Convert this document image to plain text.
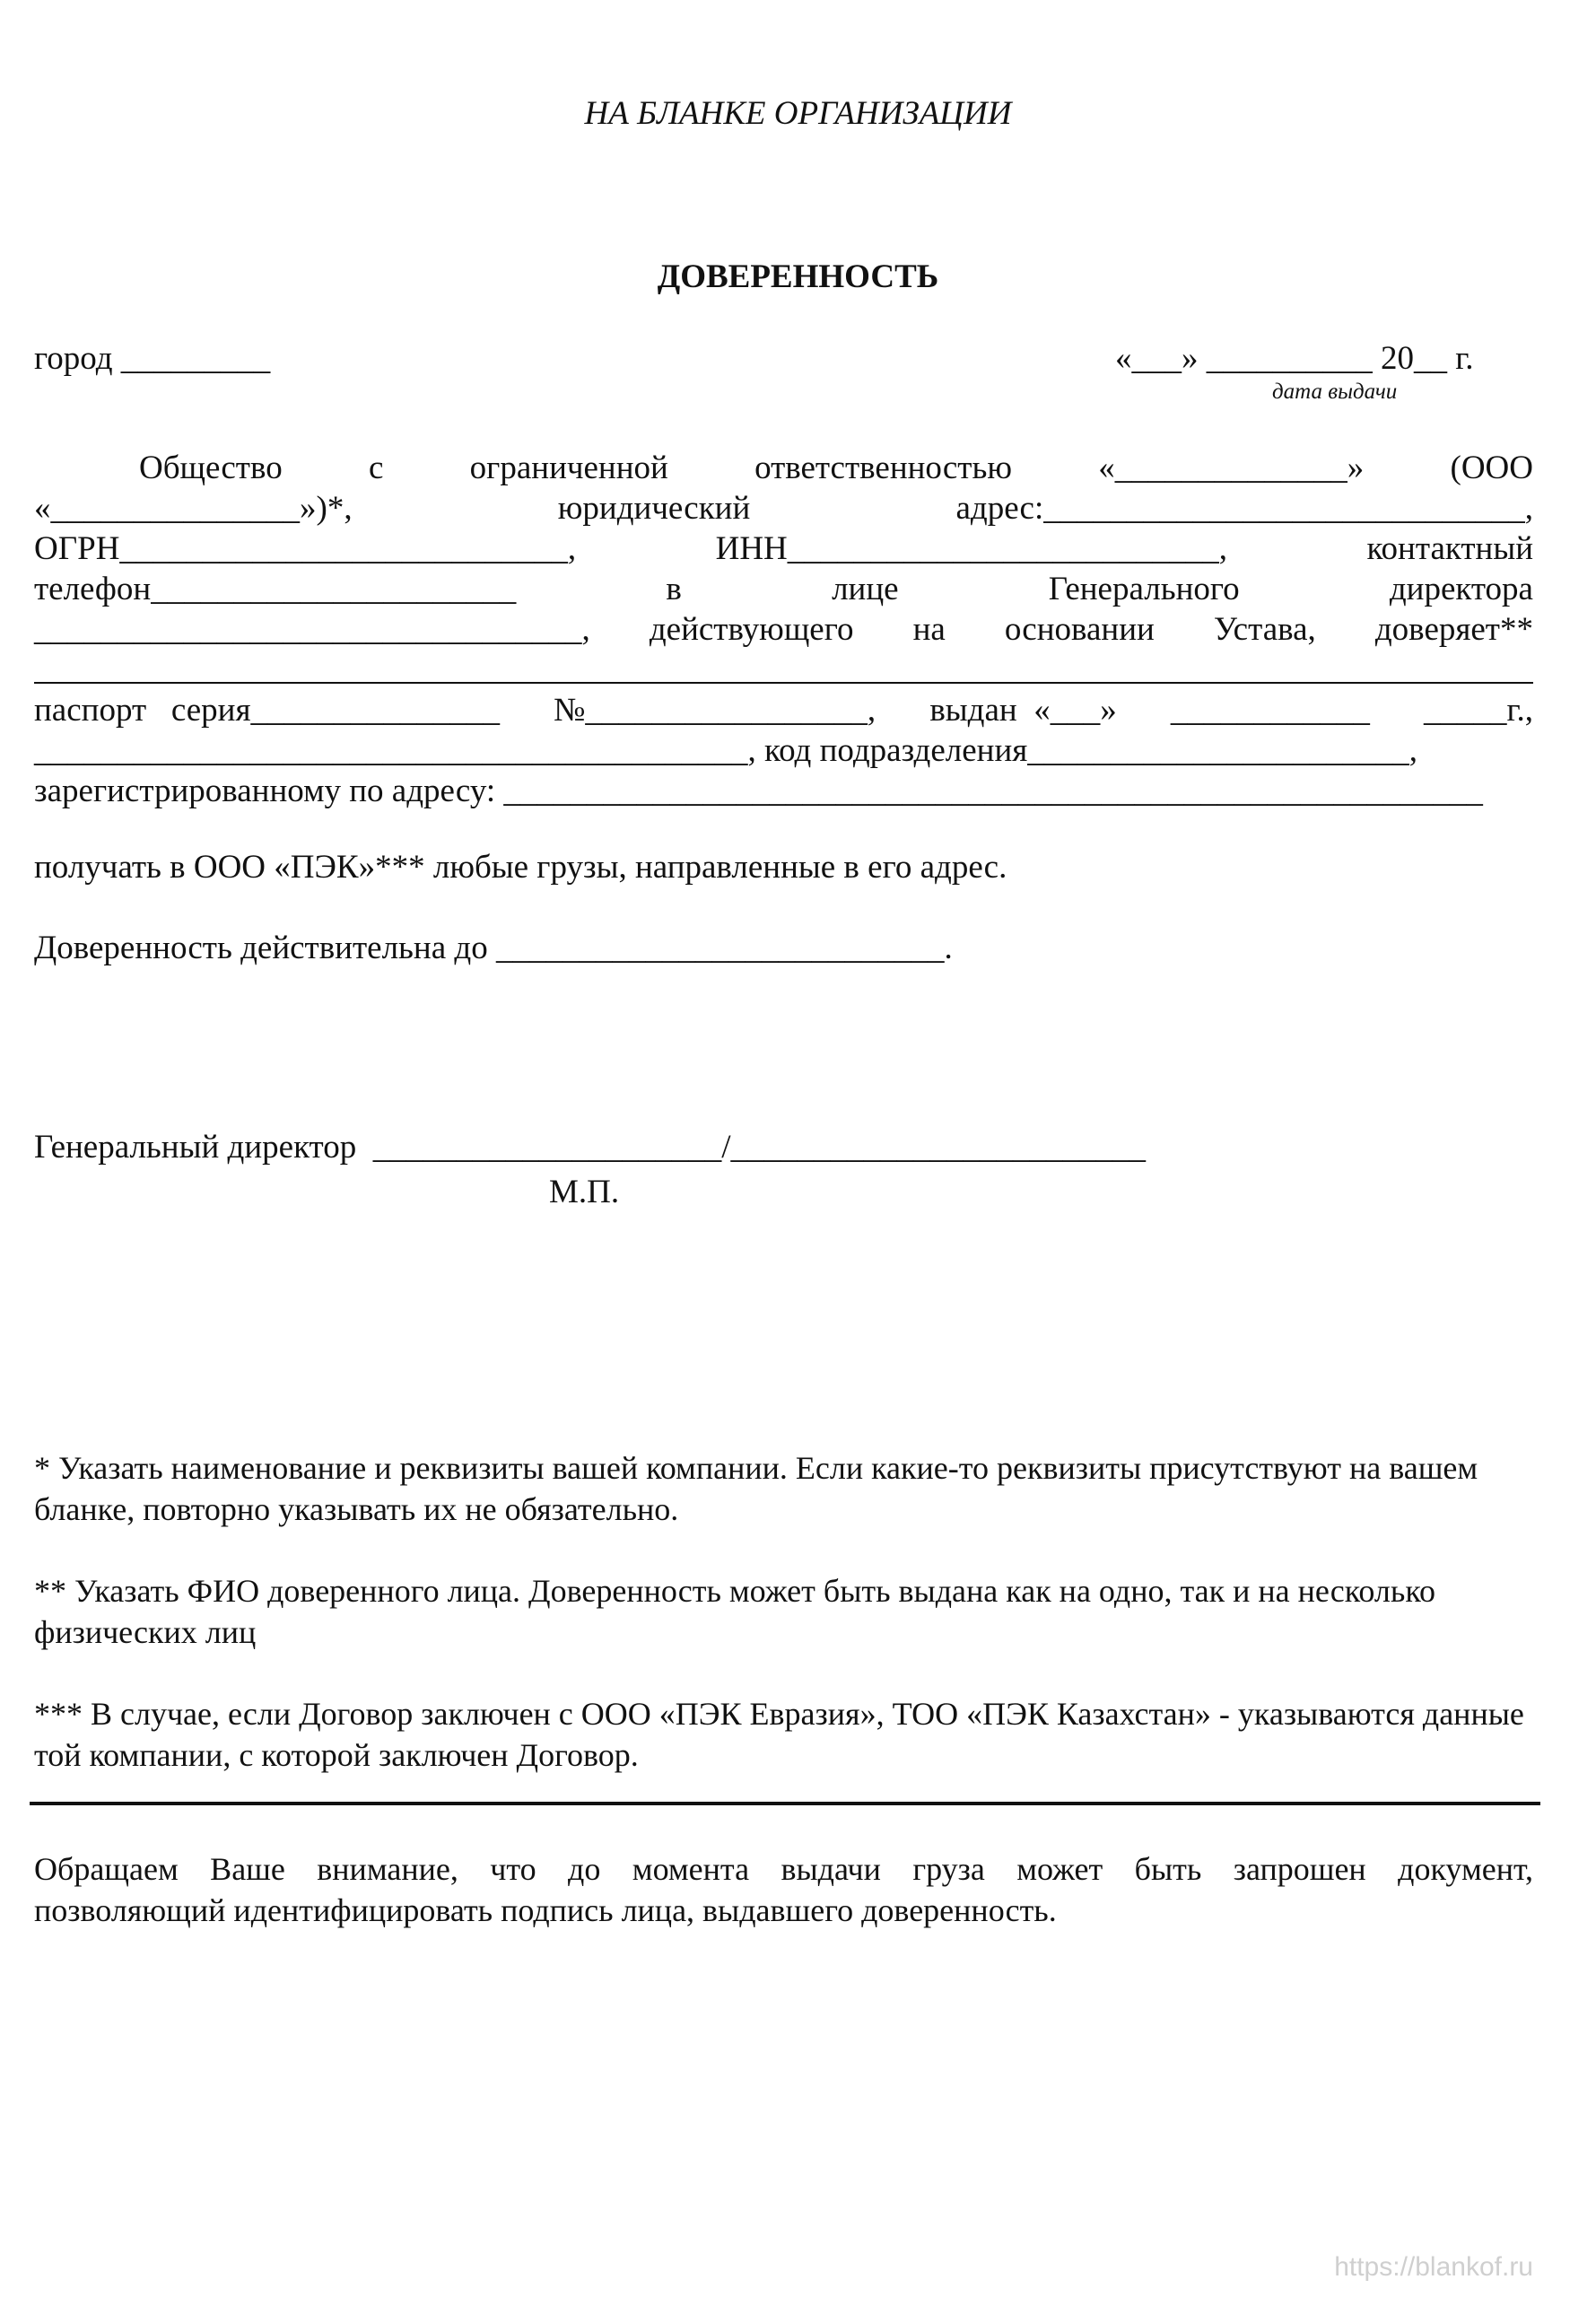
НА БЛАНКЕ ОРГАНИЗАЦИИ
ДОВЕРЕННОСТЬ
город _________	«___» __________ 20__ г.
дата выдачи
Общество	с	ограниченной	ответственностью	«______________»	(ООО
«_______________»)*,	юридический	адрес:_____________________________,
ОГРН___________________________,	ИНН__________________________,	контактный
телефон______________________	в	лице	Генерального	директора
_________________________________, действующего на основании Устава, доверяет**
паспорт   серия_______________ №_________________, выдан  «___» ____________ _____г.,
___________________________________________, код подразделения_______________________,
зарегистрированному по адресу: ___________________________________________________________
получать в ООО «ПЭК»*** любые грузы, направленные в его адрес.
Доверенность действительна до ___________________________.
Генеральный директор  _____________________/_________________________
М.П.
* Указать наименование и реквизиты вашей компании. Если какие-то реквизиты присутствуют на вашем бланке, повторно указывать их не обязательно.
** Указать ФИО доверенного лица. Доверенность может быть выдана как на одно, так и на несколько физических лиц
*** В случае, если Договор заключен с ООО «ПЭК Евразия», ТОО «ПЭК Казахстан» - указываются данные той компании, с которой заключен Договор.
Обращаем Ваше внимание, что до момента выдачи груза может быть запрошен документ,
позволяющий идентифицировать подпись лица, выдавшего доверенность.
https://blankof.ru
